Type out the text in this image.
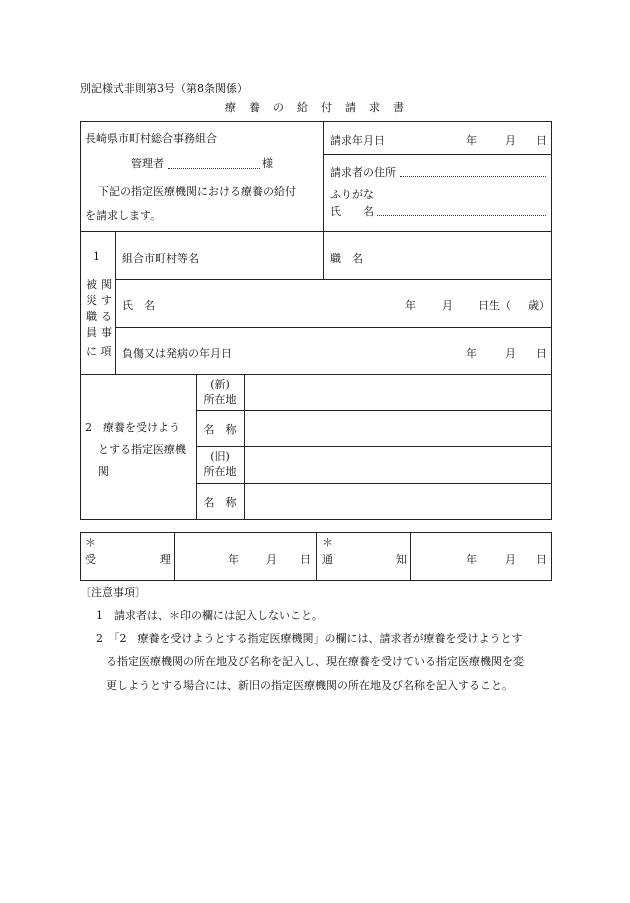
別記様式非則第3号（第8条関係）
療　養　の　給　付　請　求　書
長崎県市町村総合事務組合
管理者	様
下記の指定医療機関における療養の給付
を請求します。
請求年月日	年	月 日
請求者の住所
ふりがな
氏　　名
1
被
災
職
員
関
す
る
事
に 項
組合市町村等名	職　名
氏　名	年 月 日生（ 歳）
負傷又は発病の年月日	年	月 日
2　療養を受けよう
とする指定医療機
関
(新)
所在地
名　称
(旧)
所在地
名　称
＊
受	理	年 月 日
＊
通	知	年	月 日
〔注意事項〕
1　請求者は、＊印の欄には記入しないこと。
2　「2　療養を受けようとする指定医療機関」の欄には、請求者が療養を受けようとす
る指定医療機関の所在地及び名称を記入し、現在療養を受けている指定医療機関を変
更しようとする場合には、新旧の指定医療機関の所在地及び名称を記入すること。
